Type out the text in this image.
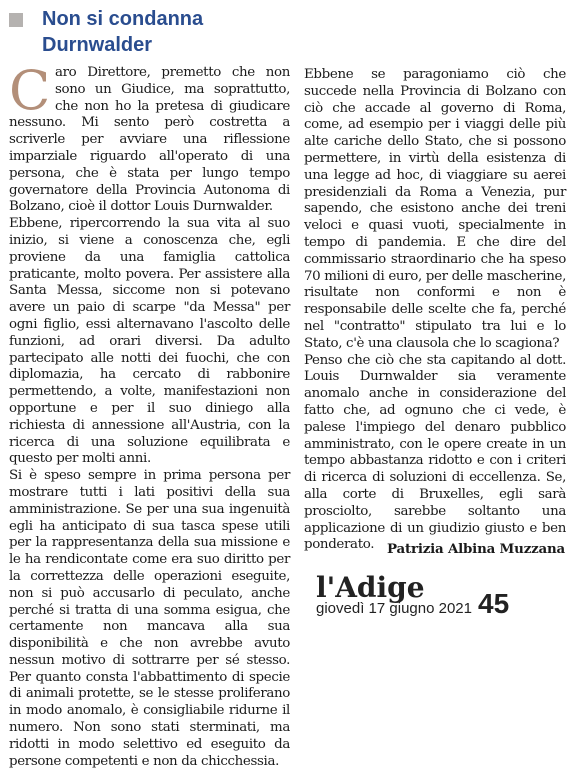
Non si condanna
Durnwalder

Caro Direttore, premetto che non sono un Giudice, ma soprattutto, che non ho la pretesa di giudicare nessuno. Mi sento però costretta a scriverle per avviare una riflessione imparziale riguardo all'operato di una persona, che è stata per lungo tempo governatore della Provincia Autonoma di Bolzano, cioè il dottor Louis Durnwalder.

Ebbene, ripercorrendo la sua vita al suo inizio, si viene a conoscenza che, egli proviene da una famiglia cattolica praticante, molto povera. Per assistere alla Santa Messa, siccome non si potevano avere un paio di scarpe "da Messa" per ogni figlio, essi alternavano l'ascolto delle funzioni, ad orari diversi. Da adulto partecipato alle notti dei fuochi, che con diplomazia, ha cercato di rabbonire permettendo, a volte, manifestazioni non opportune e per il suo diniego alla richiesta di annessione all'Austria, con la ricerca di una soluzione equilibrata e questo per molti anni.

Si è speso sempre in prima persona per mostrare tutti i lati positivi della sua amministrazione. Se per una sua ingenuità egli ha anticipato di sua tasca spese utili per la rappresentanza della sua missione e le ha rendicontate come era suo diritto per la correttezza delle operazioni eseguite, non si può accusarlo di peculato, anche perché si tratta di una somma esigua, che certamente non mancava alla sua disponibilità e che non avrebbe avuto nessun motivo di sottrarre per sé stesso. Per quanto consta l'abbattimento di specie di animali protette, se le stesse proliferano in modo anomalo, è consigliabile ridurne il numero. Non sono stati sterminati, ma ridotti in modo selettivo ed eseguito da persone competenti e non da chicchessia.

Ebbene se paragoniamo ciò che succede nella Provincia di Bolzano con ciò che accade al governo di Roma, come, ad esempio per i viaggi delle più alte cariche dello Stato, che si possono permettere, in virtù della esistenza di una legge ad hoc, di viaggiare su aerei presidenziali da Roma a Venezia, pur sapendo, che esistono anche dei treni veloci e quasi vuoti, specialmente in tempo di pandemia. E che dire del commissario straordinario che ha speso 70 milioni di euro, per delle mascherine, risultate non conformi e non è responsabile delle scelte che fa, perché nel "contratto" stipulato tra lui e lo Stato, c'è una clausola che lo scagiona?

Penso che ciò che sta capitando al dott. Louis Durnwalder sia veramente anomalo anche in considerazione del fatto che, ad ognuno che ci vede, è palese l'impiego del denaro pubblico amministrato, con le opere create in un tempo abbastanza ridotto e con i criteri di ricerca di soluzioni di eccellenza. Se, alla corte di Bruxelles, egli sarà prosciolto, sarebbe soltanto una applicazione di un giudizio giusto e ben ponderato. Patrizia Albina Muzzana
l'Adige
giovedì 17 giugno 2021 45
